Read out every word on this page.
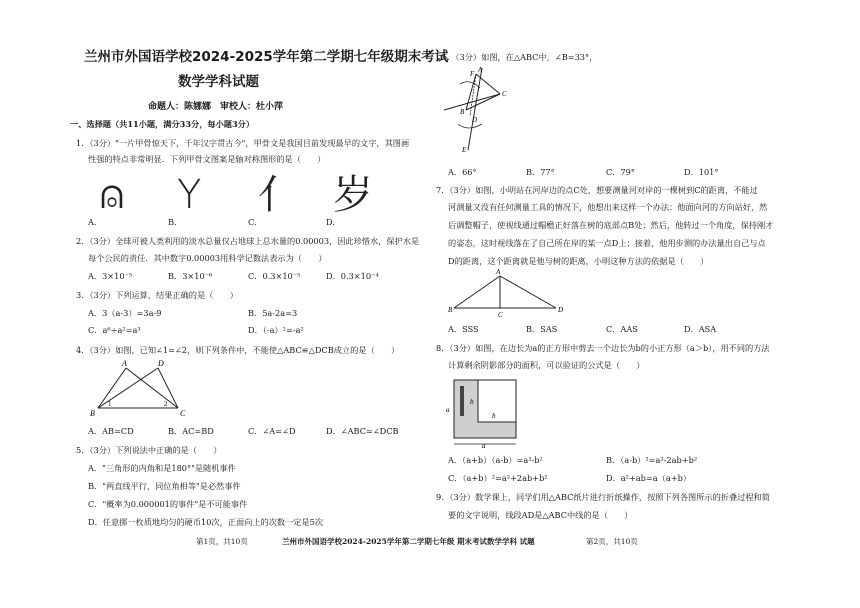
兰州市外国语学校2024-2025学年第二学期七年级期末考试
数学学科试题
命题人：陈娜娜　审校人：杜小萍
一、选择题（共11小题，满分33分，每小题3分）
1．（3分）"一片甲骨惊天下，千年汉字贯古今"，甲骨文是我国目前发现最早的文字，其图画
性强的特点非常明显．下列甲骨文图案是轴对称图形的是（　　）
⍝ Y 亻 岁
A.	B.	C.	D.
2．（3分）全球可被人类利用的淡水总量仅占地球上总水量的0.00003，因此珍惜水，保护水是
每个公民的责任．其中数字0.00003用科学记数法表示为（　　）
A．3×10⁻⁵	B．3×10⁻⁶	C．0.3×10⁻⁵	D．0.3×10⁻⁴
3．（3分）下列运算，结果正确的是（　　）
A．3（a-3）=3a-9	B．5a-2a=3
C．a⁶÷a²=a³	D．（-a）²=-a²
4．（3分）如图，已知∠1=∠2，则下列条件中，不能使△ABC≌△DCB成立的是（　　）
A	D
B	C
1	2
A．AB=CD	B．AC=BD	C．∠A=∠D	D．∠ABC=∠DCB
5．（3分）下列说法中正确的是（　　）
A．"三角形的内角和是180°"是随机事件
B．"两直线平行，同位角相等"是必然事件
C．"概率为0.000001的事件"是不可能事件
D．任意掷一枚质地均匀的硬币10次，正面向上的次数一定是5次
第1页，共10页	兰州市外国语学校2024-2025学年第二学期七年级 期末考试数学学科 试题
6．（3分）如图，在△ABC中，∠B=33°，
F A
B
D
E
C
A．66°	B．77°	C．79°	D．101°
7．（3分）如图，小明站在河岸边的点C处，想要测量河对岸的一棵树到C的距离，不能过
河测量又没有任何测量工具的情况下，他想出来这样一个办法：他面向河的方向站好，然
后调整帽子，使视线通过帽檐正好落在树的底部点B处；然后，他转过一个角度，保持刚才
的姿态，这时视线落在了自己所在岸的某一点D上；接着，他用步测的办法量出自己与点
D的距离，这个距离就是他与树的距离，小明这种方法的依据是（　　）
A
B
C
D
A．SSS	B．SAS	C．AAS	D．ASA
8．（3分）如图，在边长为a的正方形中剪去一个边长为b的小正方形（a＞b），用不同的方法
计算剩余阴影部分的面积，可以验证的公式是（　　）
a
b
b
a
A．（a+b）（a-b）=a²-b²	B．（a-b）²=a²-2ab+b²
C．（a+b）²=a²+2ab+b²	D．a²+ab=a（a+b）
9．（3分）数学课上，同学们用△ABC纸片进行折纸操作，按照下列各图所示的折叠过程和简
要的文字说明，线段AD是△ABC中线的是（　　）
第2页，共10页
